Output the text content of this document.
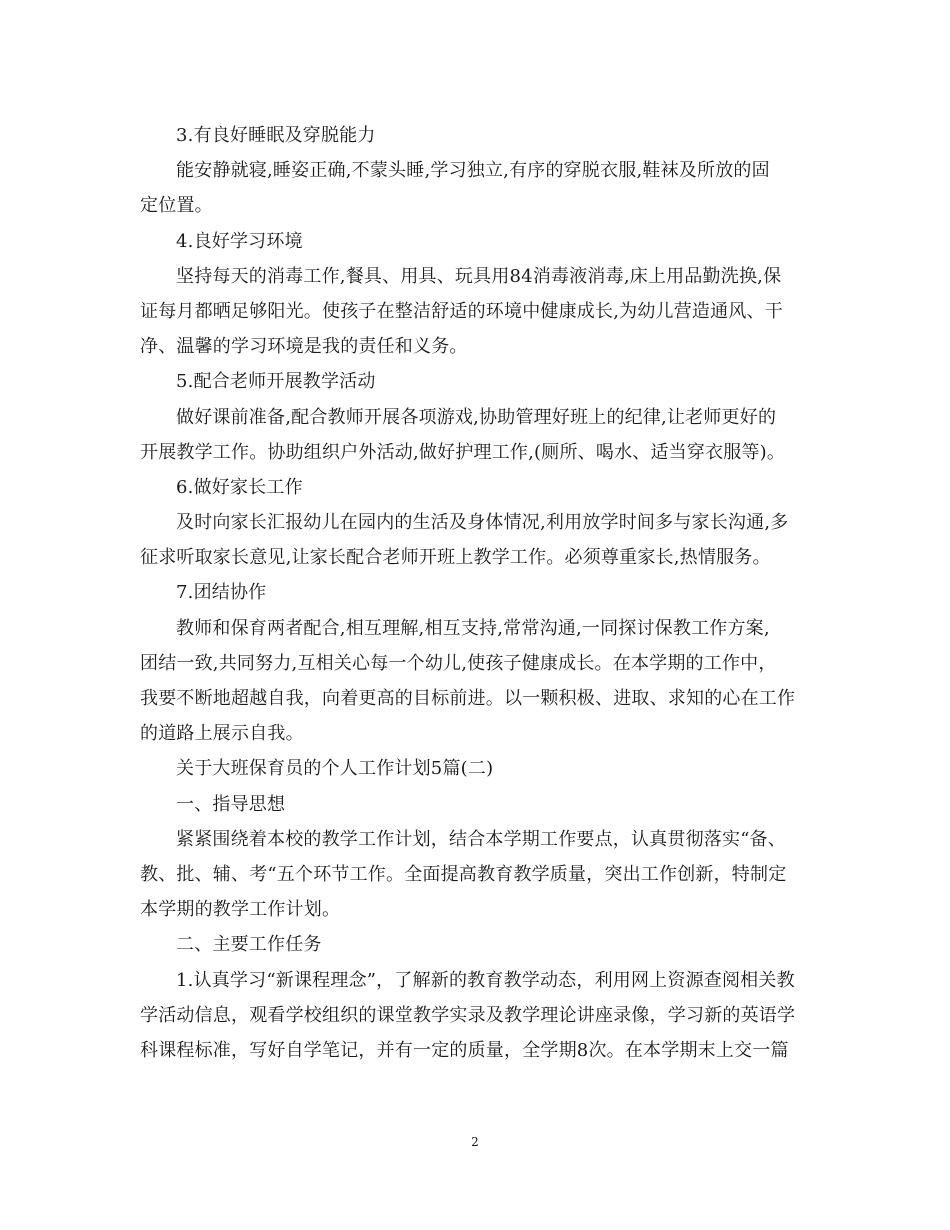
3.有良好睡眠及穿脱能力
能安静就寝,睡姿正确,不蒙头睡,学习独立,有序的穿脱衣服,鞋袜及所放的固
定位置。
4.良好学习环境
坚持每天的消毒工作,餐具、用具、玩具用84消毒液消毒,床上用品勤洗换,保
证每月都晒足够阳光。使孩子在整洁舒适的环境中健康成长,为幼儿营造通风、干
净、温馨的学习环境是我的责任和义务。
5.配合老师开展教学活动
做好课前准备,配合教师开展各项游戏,协助管理好班上的纪律,让老师更好的
开展教学工作。协助组织户外活动,做好护理工作,(厕所、喝水、适当穿衣服等)。
6.做好家长工作
及时向家长汇报幼儿在园内的生活及身体情况,利用放学时间多与家长沟通,多
征求听取家长意见,让家长配合老师开班上教学工作。必须尊重家长,热情服务。
7.团结协作
教师和保育两者配合,相互理解,相互支持,常常沟通,一同探讨保教工作方案,
团结一致,共同努力,互相关心每一个幼儿,使孩子健康成长。在本学期的工作中，
我要不断地超越自我，向着更高的目标前进。以一颗积极、进取、求知的心在工作
的道路上展示自我。
关于大班保育员的个人工作计划5篇(二)
一、指导思想
紧紧围绕着本校的教学工作计划，结合本学期工作要点，认真贯彻落实“备、
教、批、辅、考“五个环节工作。全面提高教育教学质量，突出工作创新，特制定
本学期的教学工作计划。
二、主要工作任务
1.认真学习“新课程理念”，了解新的教育教学动态，利用网上资源查阅相关教
学活动信息，观看学校组织的课堂教学实录及教学理论讲座录像，学习新的英语学
科课程标准，写好自学笔记，并有一定的质量，全学期8次。在本学期末上交一篇
2
